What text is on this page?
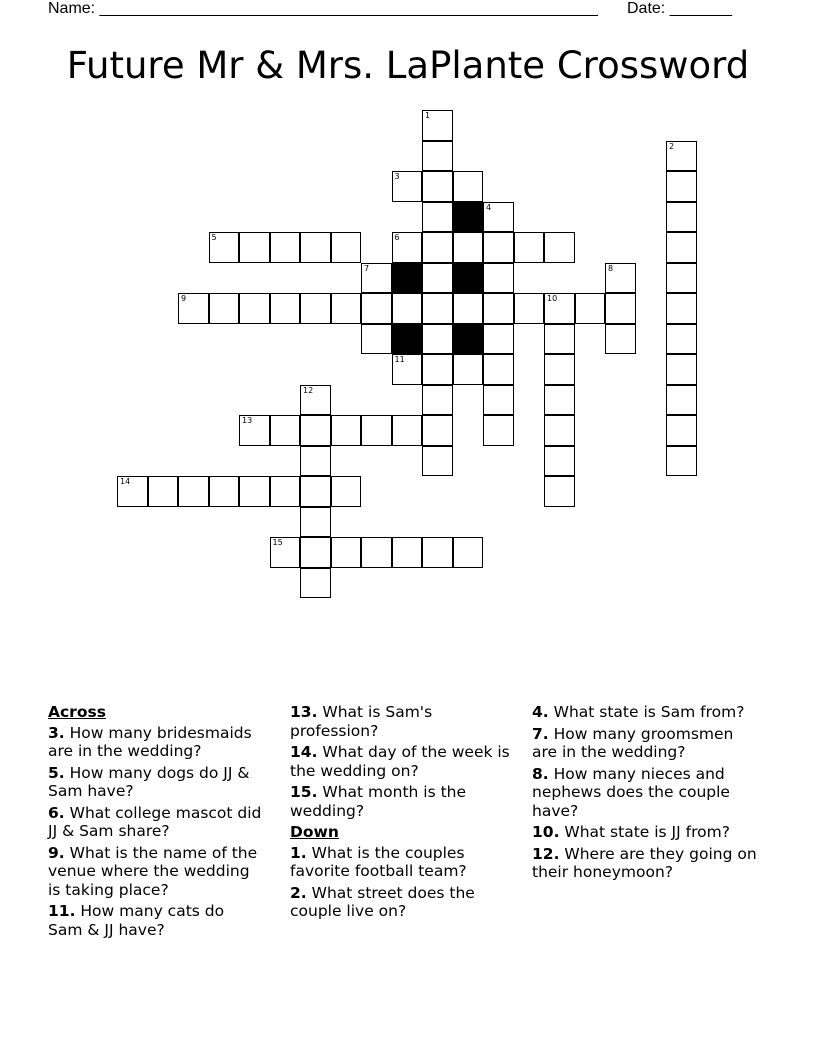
Name: ________________________________________________________ Date: _______
Future Mr & Mrs. LaPlante Crossword
1
2
3
4
5	6
7	8
9	10
11
12
13
14
15
Across
3. How many bridesmaids are in the wedding?
5. How many dogs do JJ & Sam have?
6. What college mascot did JJ & Sam share?
9. What is the name of the venue where the wedding is taking place?
11. How many cats do Sam & JJ have?
13. What is Sam's profession?
14. What day of the week is the wedding on?
15. What month is the wedding?
Down
1. What is the couples favorite football team?
2. What street does the couple live on?
4. What state is Sam from?
7. How many groomsmen are in the wedding?
8. How many nieces and nephews does the couple have?
10. What state is JJ from?
12. Where are they going on their honeymoon?
